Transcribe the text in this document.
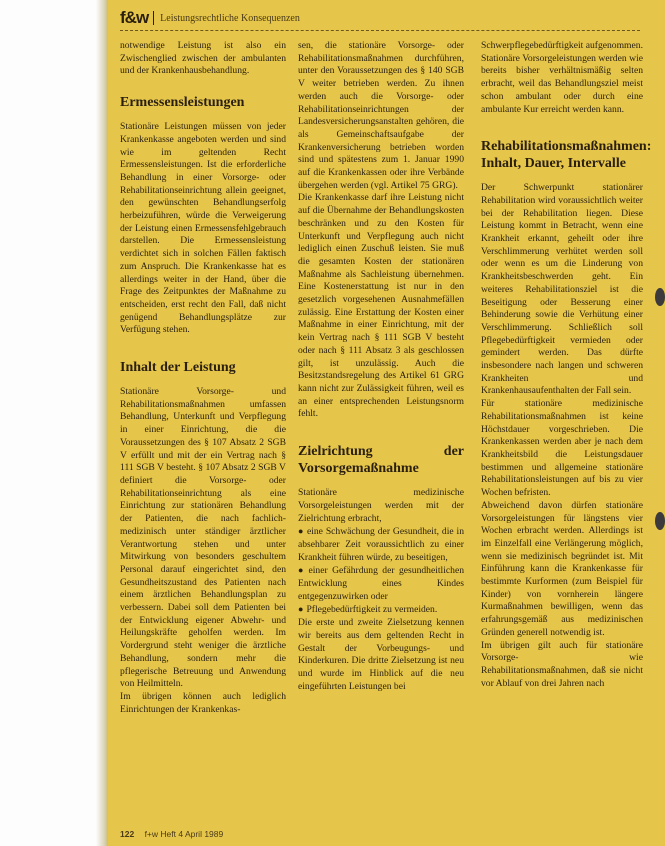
f&w Leistungsrechtliche Konsequenzen

notwendige Leistung ist also ein Zwischenglied zwischen der ambulanten und der Krankenhausbehandlung.

Ermessensleistungen

Stationäre Leistungen müssen von jeder Krankenkasse angeboten werden und sind wie im geltenden Recht Ermessensleistungen. Ist die erforderliche Behandlung in einer Vorsorge- oder Rehabilitationseinrichtung allein geeignet, den gewünschten Behandlungserfolg herbeizuführen, würde die Verweigerung der Leistung einen Ermessensfehlgebrauch darstellen. Die Ermessensleistung verdichtet sich in solchen Fällen faktisch zum Anspruch. Die Krankenkasse hat es allerdings weiter in der Hand, über die Frage des Zeitpunktes der Maßnahme zu entscheiden, erst recht den Fall, daß nicht genügend Behandlungsplätze zur Verfügung stehen.

Inhalt der Leistung

Stationäre Vorsorge- und Rehabilitationsmaßnahmen umfassen Behandlung, Unterkunft und Verpflegung in einer Einrichtung, die die Voraussetzungen des § 107 Absatz 2 SGB V erfüllt und mit der ein Vertrag nach § 111 SGB V besteht. § 107 Absatz 2 SGB V definiert die Vorsorge- oder Rehabilitationseinrichtung als eine Einrichtung zur stationären Behandlung der Patienten, die nach fachlich-medizinisch unter ständiger ärztlicher Verantwortung stehen und unter Mitwirkung von besonders geschultem Personal darauf eingerichtet sind, den Gesundheitszustand des Patienten nach einem ärztlichen Behandlungsplan zu verbessern. Dabei soll dem Patienten bei der Entwicklung eigener Abwehr- und Heilungskräfte geholfen werden. Im Vordergrund steht weniger die ärztliche Behandlung, sondern mehr die pflegerische Betreuung und Anwendung von Heilmitteln.

Im übrigen können auch lediglich Einrichtungen der Krankenkas-

sen, die stationäre Vorsorge- oder Rehabilitationsmaßnahmen durchführen, unter den Voraussetzungen des § 140 SGB V weiter betrieben werden. Zu ihnen werden auch die Vorsorge- oder Rehabilitationseinrichtungen der Landesversicherungsanstalten gehören, die als Gemeinschaftsaufgabe der Krankenversicherung betrieben worden sind und spätestens zum 1. Januar 1990 auf die Krankenkassen oder ihre Verbände übergehen werden (vgl. Artikel 75 GRG).

Die Krankenkasse darf ihre Leistung nicht auf die Übernahme der Behandlungskosten beschränken und zu den Kosten für Unterkunft und Verpflegung auch nicht lediglich einen Zuschuß leisten. Sie muß die gesamten Kosten der stationären Maßnahme als Sachleistung übernehmen. Eine Kostenerstattung ist nur in den gesetzlich vorgesehenen Ausnahmefällen zulässig. Eine Erstattung der Kosten einer Maßnahme in einer Einrichtung, mit der kein Vertrag nach § 111 SGB V besteht oder nach § 111 Absatz 3 als geschlossen gilt, ist unzulässig. Auch die Besitzstandsregelung des Artikel 61 GRG kann nicht zur Zulässigkeit führen, weil es an einer entsprechenden Leistungsnorm fehlt.

Zielrichtung der Vorsorgemaßnahme

Stationäre medizinische Vorsorgeleistungen werden mit der Zielrichtung erbracht,

● eine Schwächung der Gesundheit, die in absehbarer Zeit voraussichtlich zu einer Krankheit führen würde, zu beseitigen,

● einer Gefährdung der gesundheitlichen Entwicklung eines Kindes entgegenzuwirken oder

● Pflegebedürftigkeit zu vermeiden.

Die erste und zweite Zielsetzung kennen wir bereits aus dem geltenden Recht in Gestalt der Vorbeugungs- und Kinderkuren. Die dritte Zielsetzung ist neu und wurde im Hinblick auf die neu eingeführten Leistungen bei

Schwerpflegebedürftigkeit aufgenommen.

Stationäre Vorsorgeleistungen werden wie bereits bisher verhältnismäßig selten erbracht, weil das Behandlungsziel meist schon ambulant oder durch eine ambulante Kur erreicht werden kann.

Rehabilitationsmaßnahmen: Inhalt, Dauer, Intervalle

Der Schwerpunkt stationärer Rehabilitation wird voraussichtlich weiter bei der Rehabilitation liegen. Diese Leistung kommt in Betracht, wenn eine Krankheit erkannt, geheilt oder ihre Verschlimmerung verhütet werden soll oder wenn es um die Linderung von Krankheitsbeschwerden geht. Ein weiteres Rehabilitationsziel ist die Beseitigung oder Besserung einer Behinderung sowie die Verhütung einer Verschlimmerung. Schließlich soll Pflegebedürftigkeit vermieden oder gemindert werden. Das dürfte insbesondere nach langen und schweren Krankheiten und Krankenhausaufenthalten der Fall sein.

Für stationäre medizinische Rehabilitationsmaßnahmen ist keine Höchstdauer vorgeschrieben. Die Krankenkassen werden aber je nach dem Krankheitsbild die Leistungsdauer bestimmen und allgemeine stationäre Rehabilitationsleistungen auf bis zu vier Wochen befristen.

Abweichend davon dürfen stationäre Vorsorgeleistungen für längstens vier Wochen erbracht werden. Allerdings ist im Einzelfall eine Verlängerung möglich, wenn sie medizinisch begründet ist. Mit Einführung kann die Krankenkasse für bestimmte Kurformen (zum Beispiel für Kinder) von vornherein längere Kurmaßnahmen bewilligen, wenn das erfahrungsgemäß aus medizinischen Gründen generell notwendig ist.

Im übrigen gilt auch für stationäre Vorsorge- wie Rehabilitationsmaßnahmen, daß sie nicht vor Ablauf von drei Jahren nach

122 f+w Heft 4 April 1989
